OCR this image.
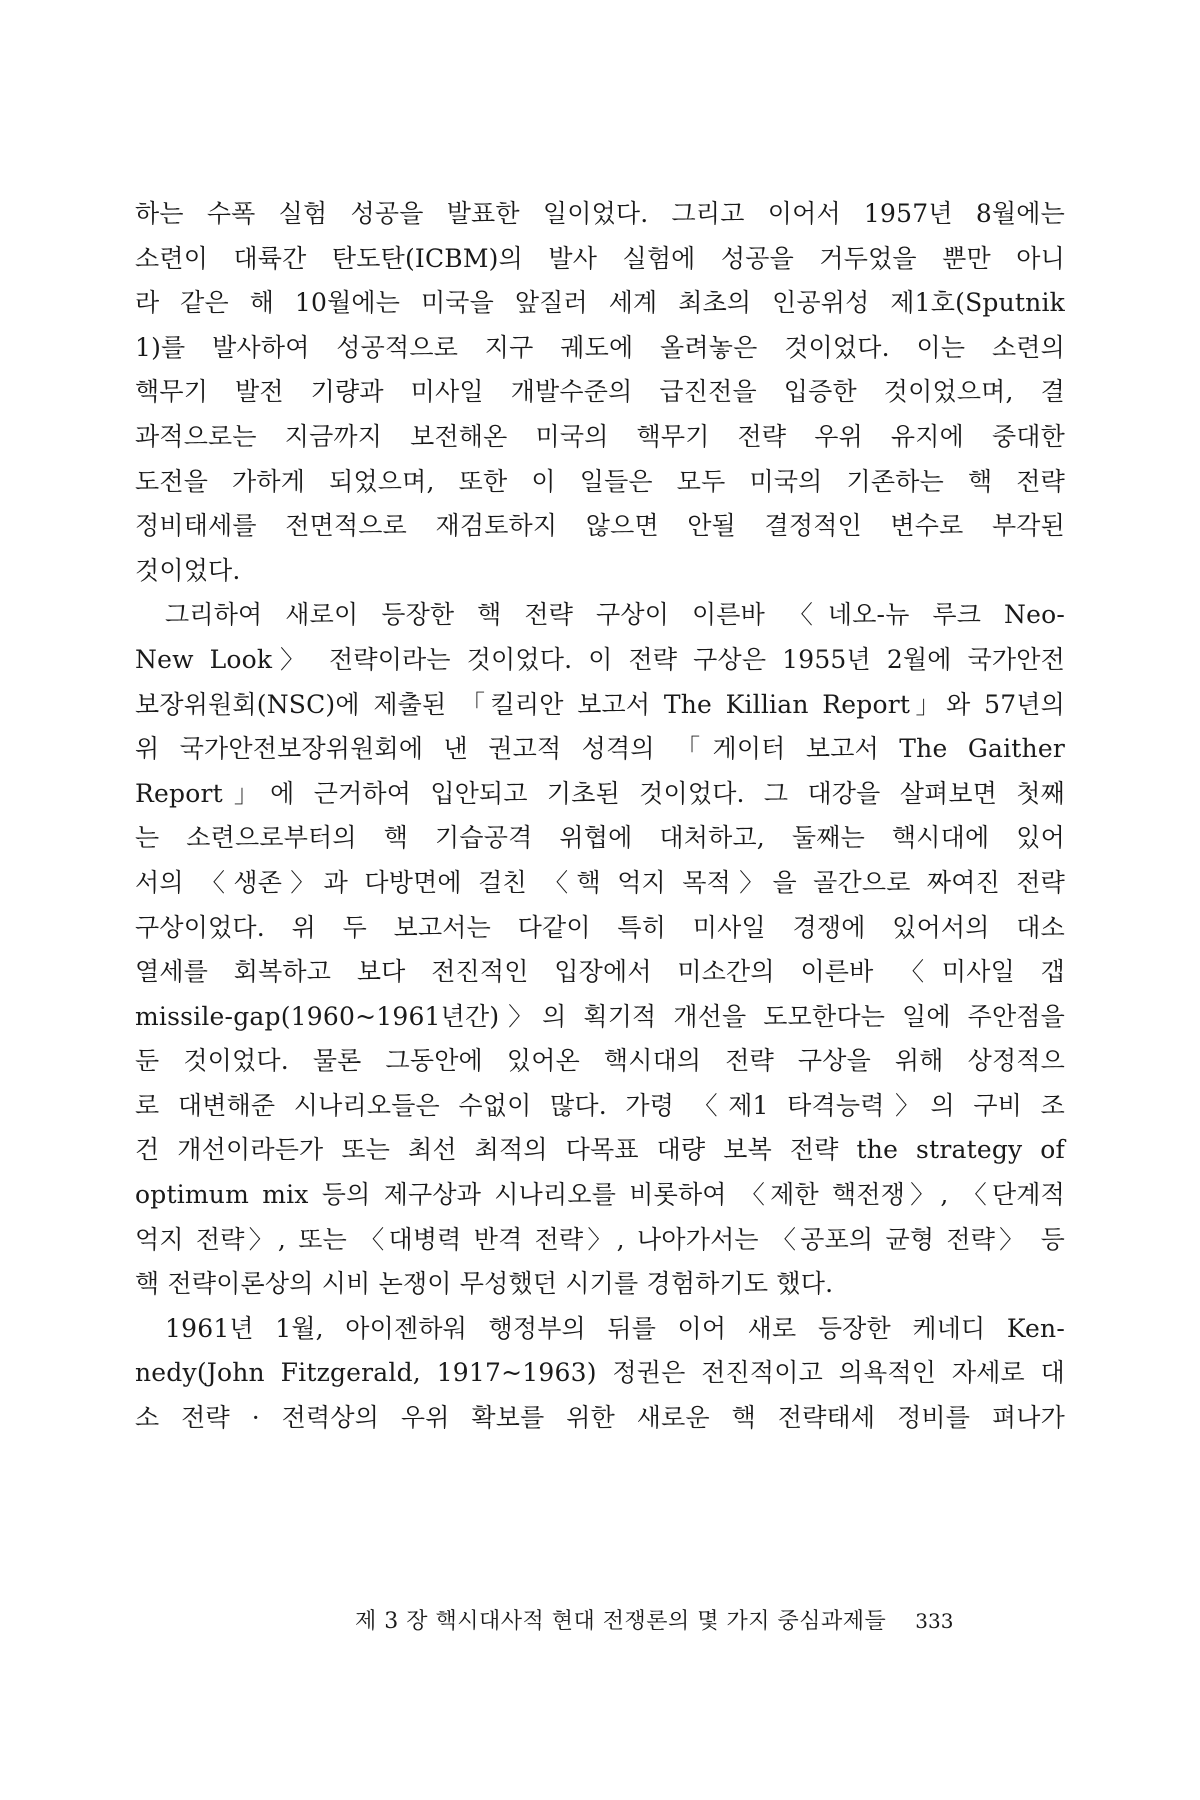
하는 수폭 실험 성공을 발표한 일이었다. 그리고 이어서 1957년 8월에는
소련이 대륙간 탄도탄(ICBM)의 발사 실험에 성공을 거두었을 뿐만 아니
라 같은 해 10월에는 미국을 앞질러 세계 최초의 인공위성 제1호(Sputnik
1)를 발사하여 성공적으로 지구 궤도에 올려놓은 것이었다. 이는 소련의
핵무기 발전 기량과 미사일 개발수준의 급진전을 입증한 것이었으며, 결
과적으로는 지금까지 보전해온 미국의 핵무기 전략 우위 유지에 중대한
도전을 가하게 되었으며, 또한 이 일들은 모두 미국의 기존하는 핵 전략
정비태세를 전면적으로 재검토하지 않으면 안될 결정적인 변수로 부각된
것이었다.
그리하여 새로이 등장한 핵 전략 구상이 이른바 〈네오-뉴 루크 Neo-
New Look〉 전략이라는 것이었다. 이 전략 구상은 1955년 2월에 국가안전
보장위원회(NSC)에 제출된 「킬리안 보고서 The Killian Report」와 57년의
위 국가안전보장위원회에 낸 권고적 성격의 「게이터 보고서 The Gaither
Report」에 근거하여 입안되고 기초된 것이었다. 그 대강을 살펴보면 첫째
는 소련으로부터의 핵 기습공격 위협에 대처하고, 둘째는 핵시대에 있어
서의 〈생존〉과 다방면에 걸친 〈핵 억지 목적〉을 골간으로 짜여진 전략
구상이었다. 위 두 보고서는 다같이 특히 미사일 경쟁에 있어서의 대소
열세를 회복하고 보다 전진적인 입장에서 미소간의 이른바 〈미사일 갭
missile-gap(1960~1961년간)〉의 획기적 개선을 도모한다는 일에 주안점을
둔 것이었다. 물론 그동안에 있어온 핵시대의 전략 구상을 위해 상정적으
로 대변해준 시나리오들은 수없이 많다. 가령 〈제1 타격능력〉의 구비 조
건 개선이라든가 또는 최선 최적의 다목표 대량 보복 전략 the strategy of
optimum mix 등의 제구상과 시나리오를 비롯하여 〈제한 핵전쟁〉, 〈단계적
억지 전략〉, 또는 〈대병력 반격 전략〉, 나아가서는 〈공포의 균형 전략〉 등
핵 전략이론상의 시비 논쟁이 무성했던 시기를 경험하기도 했다.
1961년 1월, 아이젠하워 행정부의 뒤를 이어 새로 등장한 케네디 Ken-
nedy(John Fitzgerald, 1917~1963) 정권은 전진적이고 의욕적인 자세로 대
소 전략 · 전력상의 우위 확보를 위한 새로운 핵 전략태세 정비를 펴나가
제 3 장 핵시대사적 현대 전쟁론의 몇 가지 중심과제들 333
